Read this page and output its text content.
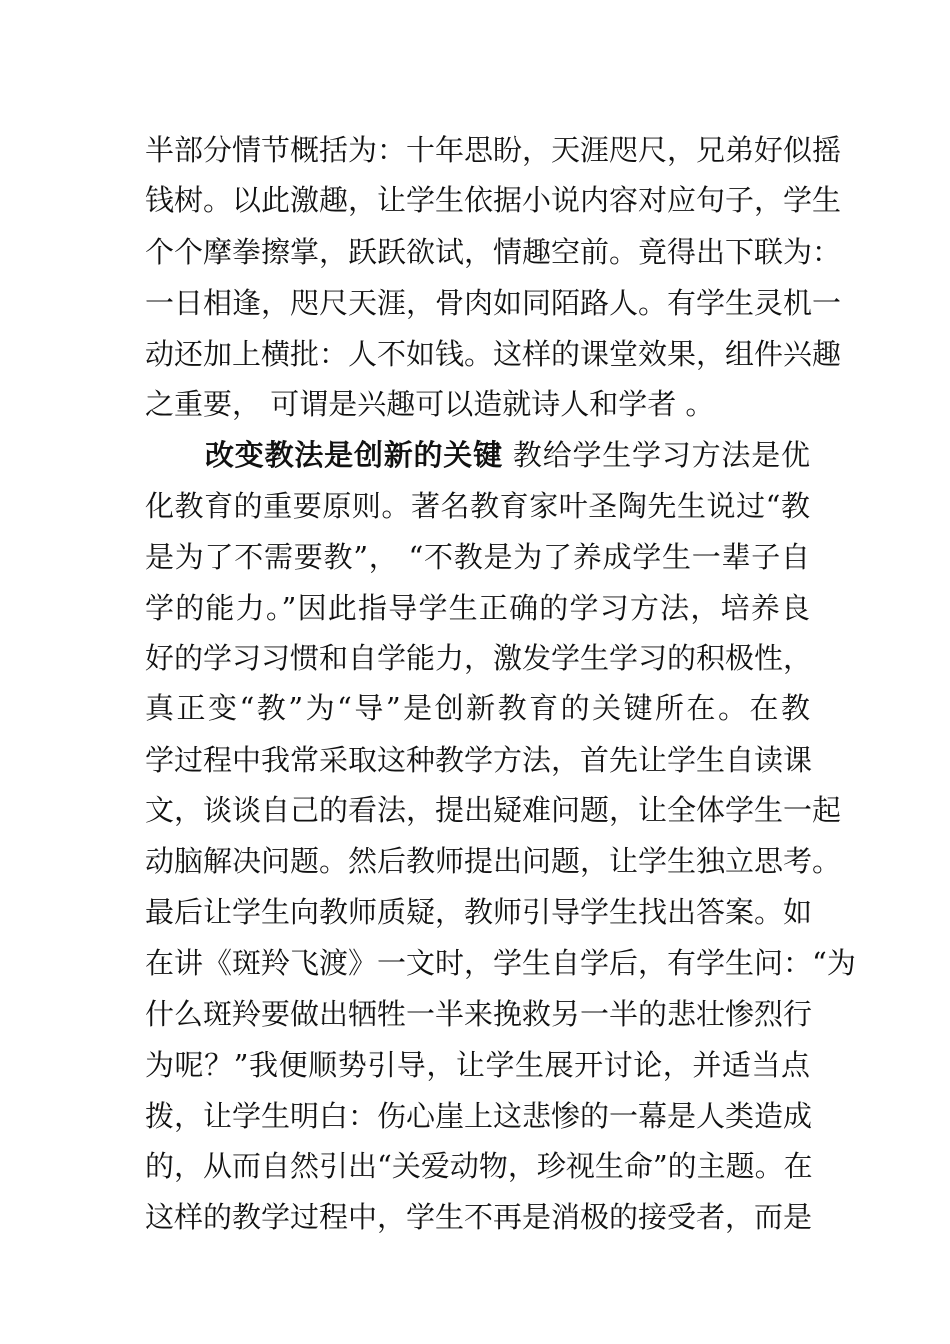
半部分情节概括为：十年思盼，天涯咫尺，兄弟好似摇
钱树。以此激趣，让学生依据小说内容对应句子，学生
个个摩拳擦掌，跃跃欲试，情趣空前。竟得出下联为：
一日相逢，咫尺天涯，骨肉如同陌路人。有学生灵机一
动还加上横批：人不如钱。这样的课堂效果，组件兴趣
之重要， 可谓是兴趣可以造就诗人和学者 。
改变教法是创新的关键 教给学生学习方法是优
化教育的重要原则。著名教育家叶圣陶先生说过“教
是为了不需要教”， “不教是为了养成学生一辈子自
学的能力。”因此指导学生正确的学习方法，培养良
好的学习习惯和自学能力，激发学生学习的积极性，
真正变“教”为“导”是创新教育的关键所在。在教
学过程中我常采取这种教学方法，首先让学生自读课
文，谈谈自己的看法，提出疑难问题，让全体学生一起
动脑解决问题。然后教师提出问题，让学生独立思考。
最后让学生向教师质疑，教师引导学生找出答案。如
在讲《斑羚飞渡》一文时，学生自学后，有学生问：“为
什么斑羚要做出牺牲一半来挽救另一半的悲壮惨烈行
为呢？”我便顺势引导，让学生展开讨论，并适当点
拨，让学生明白：伤心崖上这悲惨的一幕是人类造成
的，从而自然引出“关爱动物，珍视生命”的主题。在
这样的教学过程中，学生不再是消极的接受者，而是
